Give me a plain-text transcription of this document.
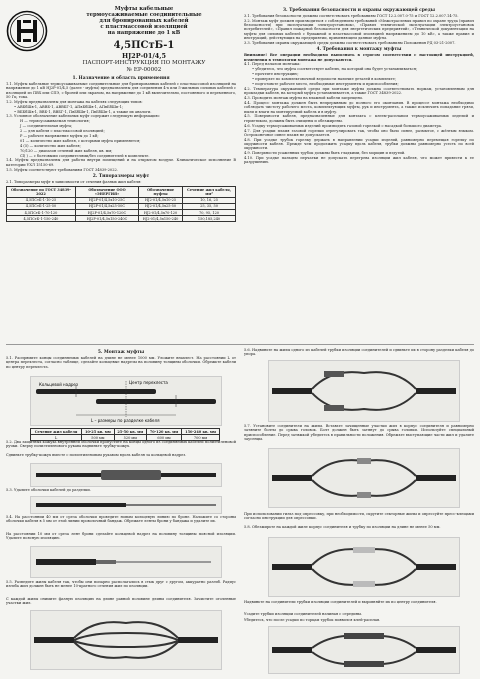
Муфты кабельные
термоусаживаемые соединительные
для бронированных кабелей
с пластмассовой изоляцией
на напряжение до 1 кВ
4,5ПСтБ-1
НJ2Р-01/4,5
ПАСПОРТ-ИНСТРУКЦИЯ ПО МОНТАЖУ
№ ЕР-00002
1. Назначение и область применения

1.1. Муфты кабельные термоусаживаемые соединительные для бронированных кабелей с пластмассовой изоляцией на напряжение до 1 кВ НJ2Р-01/4,5 (далее - муфты) предназначены для соединения 4-х или 5-жильных силовых кабелей с изоляцией из ПВХ или СПЭ, с броней или экраном, на напряжение до 1 кВ включительно, постоянного и переменного, 50 Гц, тока.

1.2. Муфты предназначены для монтажа на кабелях следующих типов:

• АВБбШв-1, АВВБ-1, АВВБГ-1, АПвБбШв-1, АПвБбШп-1;

• ВББбШв-1, ВВБ-1, ВВБГ-1, ПвБбШв-1, ПвБбШп-1, а также их аналоги.

1.3. Условное обозначение кабельных муфт содержит следующую информацию:

Н — термоусаживаемая технология;

J — соединительная муфта;

2 — для кабеля с пластмассовой изоляцией;

Р — рабочее напряжение муфты до 1 кВ;

01 — количество жил кабеля, с которыми муфта применяется;

4 (5) — количество жил кабеля;

70/120 — диапазон сечений жил кабеля, кв. мм;

Cl( ) — с болтовыми соединителями/без соединителей в комплекте.

1.4. Муфты предназначены для работы внутри помещений и на открытом воздухе. Климатическое исполнение В категории УХЛ 15150-69.

1.5. Муфты соответствуют требованиям ГОСТ 34839-2022.

2. Типоразмеры муфт

2.1. Типоразмеры муфт в зависимости от сечения фазных жил кабеля:

Обозначение по ГОСТ 34839-2022	Обозначение ООО «ЭНЕРГИЯ»	Обозначение муфты	Сечение жил кабеля, мм²
4,5ПСтБ-1-10-25	НJ2Р-01/4,5х10-25С	НJ2-01/4,5х10-25	10, 16, 25
4,5ПСтБ-1-25-50	НJ2Р-01/4,5х25-50С	НJ2-01/4,5х25-50	25, 35, 50
4,5ПСтБ-1-70-120	НJ2Р-01/4,5х70-120С	НJ2-01/4,5х70-120	70, 95, 120
4,5ПСтБ-1-150-240	НJ2Р-01/4,5х150-240С	НJ2-01/4,5х150-240	150,185,240
3. Требования безопасности и охраны окружающей среды

3.1. Требования безопасности должны соответствовать требованиям ГОСТ 12.2.007.0-75 и ГОСТ 12.2.007.14-75.

3.2. Монтаж муфт должен производиться с соблюдением требований «Межотраслевых правил по охране труда (правил безопасности) при эксплуатации электроустановок», «Правил технической эксплуатации электроустановок потребителей», «Правил пожарной безопасности для энергетических предприятий», «Технической документации на муфты для силовых кабелей с бумажной и пластмассовой изоляцией напряжением до 10 кВ», а также правил и инструкций, действующих на предприятии, применяющем данные муфты.

3.3. Требования охраны окружающей среды должны соответствовать требованиям Положения РД 03-21-2007.

4. Требования к монтажу муфты

Внимание! Все операции необходимо выполнять в строгом соответствии с настоящей инструкцией, изменения в технологии монтажа не допускаются.

4.1. Перед началом монтажа:

• убедитесь, что муфта соответствует кабелю, на который она будет устанавливаться;

• прочтите инструкцию;

• проверьте по комплектовочной ведомости наличие деталей в комплекте;

• подготовьте рабочее место, необходимые инструменты и приспособления;

4.2. Температура окружающей среды при монтаже муфты должна соответствовать нормам, установленным для прокладки кабеля, на который муфта устанавливается, а также ГОСТ 34839-2022.

4.3. Проводить монтаж муфты на влажной кабели запрещено.

4.4. Процесс монтажа должен быть непрерывным до полного его окончания. В процессе монтажа необходимо соблюдать чистоту рабочего места, комплектующих муфты, рук и инструмента, а также исключить попадание грязи, пыли и влаги на монтируемый кабель и в муфту.

4.5. Поверхности кабеля, предназначенные для контакта с клеем-расплавом термоусаживаемых изделий и герметиком, должны быть очищены и обезжирены.

4.6. Усадку термоусаживаемых изделий производить газовой горелкой с насадкой большого диаметра.

4.7. Для усадки пламя газовой горелки отрегулировать так, чтобы оно было синее, размытое, с жёлтым языком. Остроконечное синее пламя не допускается.

4.8. При усадке трубок горелку держать в направлении усадки изделий, равномерно перемещая горелку по окружности кабеля. Прежде чем продолжить усадку вдоль кабеля, трубки должны равномерно усесть по всей окружности.

4.9. Поверхности усаженных трубок должны быть гладкими, без морщин и вздутий.

4.10. При усадке пальцем перчатки не допускать перегрева изоляции жил кабеля, что может привести к ее разрушению.

5. Монтаж муфты
5.1. Распрямите концы соединяемых кабелей на длине не менее 1000 мм. Уложите внахлест. На расстоянии L от центра перехлеста, согласно таблице, сделайте кольцевые надрезы на половину толщины оболочки. Обрежьте кабели по центру перехлеста.
Центр перехлеста
Кольцевой надрез
L – размеры по разделке кабеля
Сечение жил кабеля	10-25 кв. мм	25-50 кв. мм	70-120 кв. мм	150-240 кв. мм
L	500 мм	520 мм	600 мм	700 мм
5.2. Два защитных кожуха внутренней оболочки пропустите на концы одного из соединяемых кабелей полиэтиленовой ручки. Сверху полиэтиленового рукава надвиньте трубку-кожух.
Сдвиньте трубку-кожух вместе с полиэтиленовым рукавом вдоль кабеля за кольцевой надрез.
5.3. Удалите оболочки кабелей до разделки.
5.4. На расстоянии 40 мм от среза оболочки проведите новым кольцевую линию по броне. Наложите со стороны оболочки кабеля в 5 мм от этой линии проволочный бандаж. Обрежьте ленты брони у бандажа и удалите их.
На расстоянии 10 мм от среза лент брони сделайте кольцевой надрез на половину толщины поясной изоляции. Удалите поясную изоляцию.
5.5. Разведите жилы кабеля так, чтобы они попарно располагались в стык друг с другом, аккуратно разгиб. Радиус изгиба жил должен быть не менее 10-кратного сечения жил по изоляции.
С каждой жилы снимите фазную изоляцию на длине равной половине длины соединителя. Зачистите оголенные участки жил.
5.6. Надвиньте на жилы одного из кабелей трубки изоляции соединителей и сдвиньте их в сторону разделки кабеля до упора.
5.7. Установите соединители на жилы. Вставьте зачищенные участки жил в корпус соединителя и равномерно затяните болты до срыва головок. Болт должен быть затянут до срыва головки. Используйте специальный приспособление. Перед затяжкой убедитесь в правильности положения. Обрежьте выступающие части жил и удалите заусенцы.
При использовании гильз под опрессовку, при необходимости, скрутите секторные жилы и опрессуйте пресс-клещами согласно инструкции для опрессовки.
5.8. Обезжирьте на каждой жиле корпус соединителя и трубку по изоляции на длине не менее 50 мм.
Надвиньте на соединители трубки изоляции соединителей и выровняйте их по центру соединителя.
Усадите трубки изоляции соединителей начиная с середины.
Убедитесь, что после усадки по торцам трубок появился клей-расплав.
